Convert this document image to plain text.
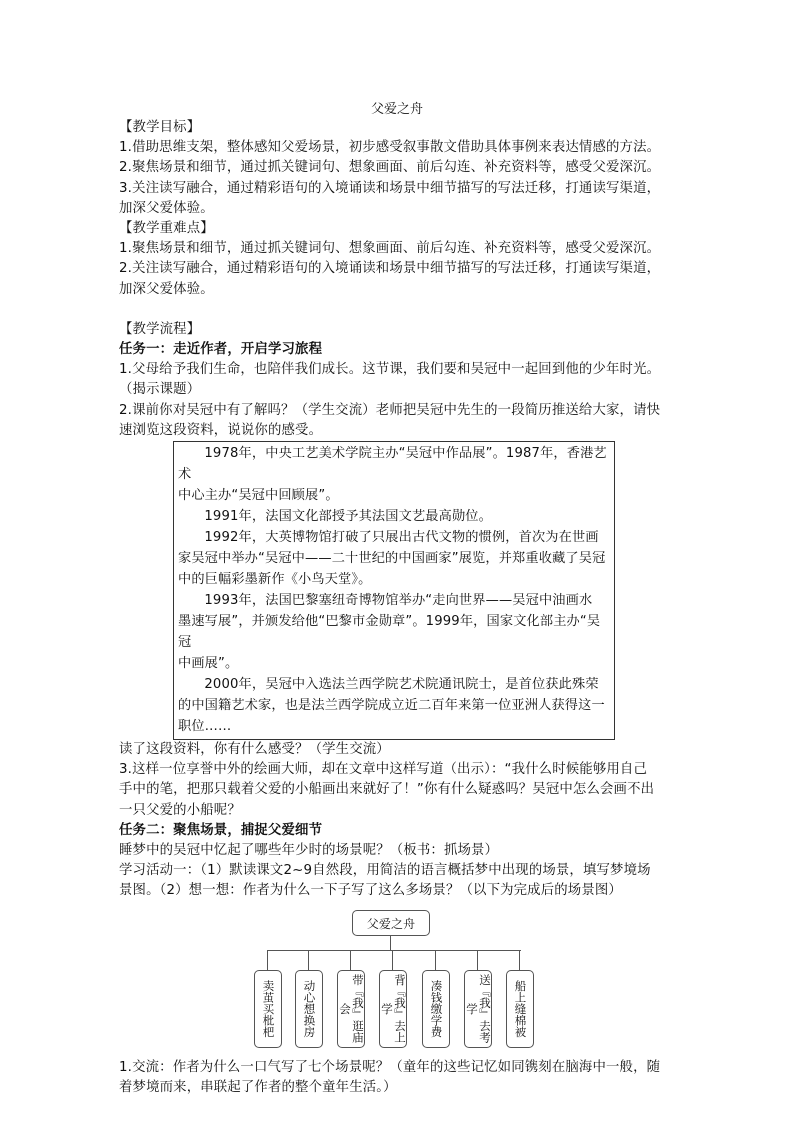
父爱之舟

【教学目标】

1.借助思维支架，整体感知父爱场景，初步感受叙事散文借助具体事例来表达情感的方法。

2.聚焦场景和细节，通过抓关键词句、想象画面、前后勾连、补充资料等，感受父爱深沉。

3.关注读写融合，通过精彩语句的入境诵读和场景中细节描写的写法迁移，打通读写渠道，

加深父爱体验。

【教学重难点】

1.聚焦场景和细节，通过抓关键词句、想象画面、前后勾连、补充资料等，感受父爱深沉。

2.关注读写融合，通过精彩语句的入境诵读和场景中细节描写的写法迁移，打通读写渠道，

加深父爱体验。

【教学流程】

任务一：走近作者，开启学习旅程

1.父母给予我们生命，也陪伴我们成长。这节课，我们要和吴冠中一起回到他的少年时光。

（揭示课题）

2.课前你对吴冠中有了解吗？（学生交流）老师把吴冠中先生的一段简历推送给大家，请快

速浏览这段资料，说说你的感受。

1978年，中央工艺美术学院主办“吴冠中作品展”。1987年，香港艺术

中心主办“吴冠中回顾展”。

1991年，法国文化部授予其法国文艺最高勋位。

1992年，大英博物馆打破了只展出古代文物的惯例，首次为在世画

家吴冠中举办“吴冠中——二十世纪的中国画家”展览，并郑重收藏了吴冠

中的巨幅彩墨新作《小鸟天堂》。

1993年，法国巴黎塞纽奇博物馆举办“走向世界——吴冠中油画水

墨速写展”，并颁发给他“巴黎市金勋章”。1999年，国家文化部主办“吴冠

中画展”。

2000年，吴冠中入选法兰西学院艺术院通讯院士，是首位获此殊荣

的中国籍艺术家，也是法兰西学院成立近二百年来第一位亚洲人获得这一

职位……

读了这段资料，你有什么感受？（学生交流）

3.这样一位享誉中外的绘画大师，却在文章中这样写道（出示）：“我什么时候能够用自己

手中的笔，把那只载着父爱的小船画出来就好了！”你有什么疑惑吗？吴冠中怎么会画不出

一只父爱的小船呢？

任务二：聚焦场景，捕捉父爱细节

睡梦中的吴冠中忆起了哪些年少时的场景呢？（板书：抓场景）

学习活动一：（1）默读课文2~9自然段，用简洁的语言概括梦中出现的场景，填写梦境场

景图。（2）想一想：作者为什么一下子写了这么多场景？（以下为完成后的场景图）

父爱之舟
卖茧买枇杷 动心想换房	带『我』逛庙会	背『我』去上学	凑钱缴学费	送『我』去考学	船上缝棉被

1.交流：作者为什么一口气写了七个场景呢？（童年的这些记忆如同镌刻在脑海中一般，随

着梦境而来，串联起了作者的整个童年生活。）
